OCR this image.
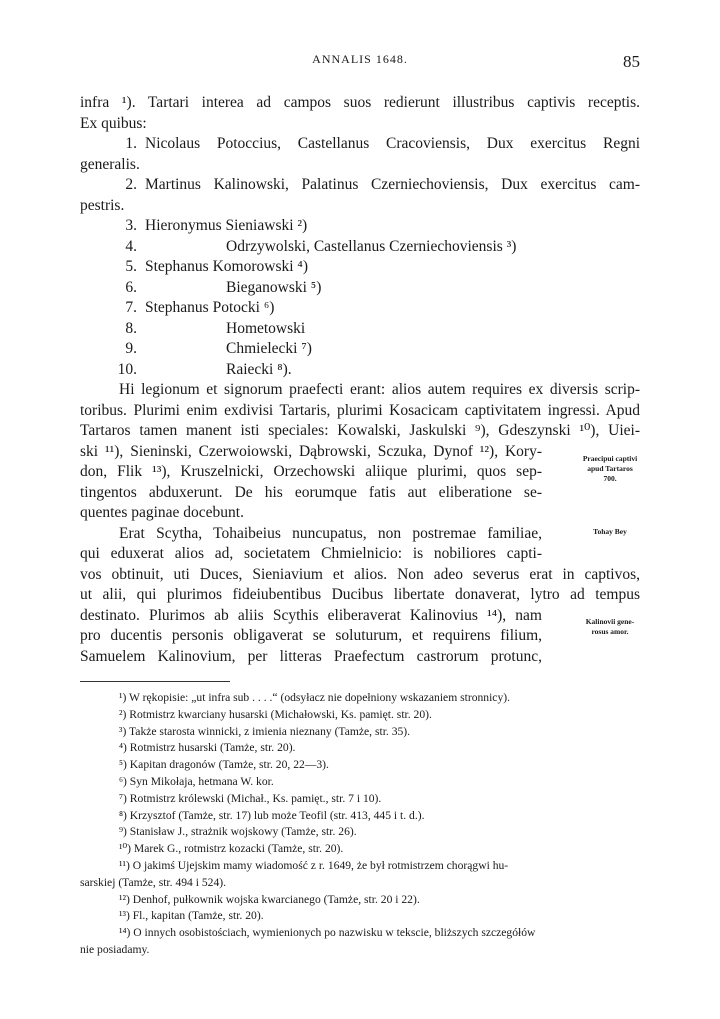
ANNALIS 1648.	85
infra ¹). Tartari interea ad campos suos redierunt illustribus captivis receptis.
Ex quibus:
1. Nicolaus Potoccius, Castellanus Cracoviensis, Dux exercitus Regni
generalis.
2. Martinus Kalinowski, Palatinus Czerniechoviensis, Dux exercitus cam-
pestris.
3. Hieronymus Sieniawski ²)
4.	Odrzywolski, Castellanus Czerniechoviensis ³)
5. Stephanus Komorowski ⁴)
6.	Bieganowski ⁵)
7. Stephanus Potocki ⁶)
8.	Hometowski
9.	Chmielecki ⁷)
10.	Raiecki ⁸).
Hi legionum et signorum praefecti erant: alios autem requires ex diversis scrip-
toribus. Plurimi enim exdivisi Tartaris, plurimi Kosacicam captivitatem ingressi. Apud
Tartaros tamen manent isti speciales: Kowalski, Jaskulski ⁹), Gdeszynski ¹⁰), Uiei-
ski ¹¹), Sieninski, Czerwoiowski, Dąbrowski, Sczuka, Dynof ¹²), Kory-
don, Flik ¹³), Kruszelnicki, Orzechowski aliique plurimi, quos sep-
tingentos abduxerunt. De his eorumque fatis aut eliberatione se-
quentes paginae docebunt.
Erat Scytha, Tohaibeius nuncupatus, non postremae familiae,
qui eduxerat alios ad, societatem Chmielnicio: is nobiliores capti-
vos obtinuit, uti Duces, Sieniavium et alios. Non adeo severus erat in captivos,
ut alii, qui plurimos fideiubentibus Ducibus libertate donaverat, lytro ad tempus
destinato. Plurimos ab aliis Scythis eliberaverat Kalinovius ¹⁴), nam
pro ducentis personis obligaverat se soluturum, et requirens filium,
Samuelem Kalinovium, per litteras Praefectum castrorum protunc,
Praecipui captivi
apud Tartaros
700.
Tohay Bey
Kalinovii gene-
rosus amor.
¹) W rękopisie: „ut infra sub . . . .“ (odsyłacz nie dopełniony wskazaniem stronnicy).
²) Rotmistrz kwarciany husarski (Michałowski, Ks. pamięt. str. 20).
³) Także starosta winnicki, z imienia nieznany (Tamże, str. 35).
⁴) Rotmistrz husarski (Tamże, str. 20).
⁵) Kapitan dragonów (Tamże, str. 20, 22—3).
⁶) Syn Mikołaja, hetmana W. kor.
⁷) Rotmistrz królewski (Michał., Ks. pamięt., str. 7 i 10).
⁸) Krzysztof (Tamże, str. 17) lub może Teofil (str. 413, 445 i t. d.).
⁹) Stanisław J., strażnik wojskowy (Tamże, str. 26).
¹⁰) Marek G., rotmistrz kozacki (Tamże, str. 20).
¹¹) O jakimś Ujejskim mamy wiadomość z r. 1649, że był rotmistrzem chorągwi hu-
sarskiej (Tamże, str. 494 i 524).
¹²) Denhof, pułkownik wojska kwarcianego (Tamże, str. 20 i 22).
¹³) Fl., kapitan (Tamże, str. 20).
¹⁴) O innych osobistościach, wymienionych po nazwisku w tekscie, bliższych szczegółów
nie posiadamy.
